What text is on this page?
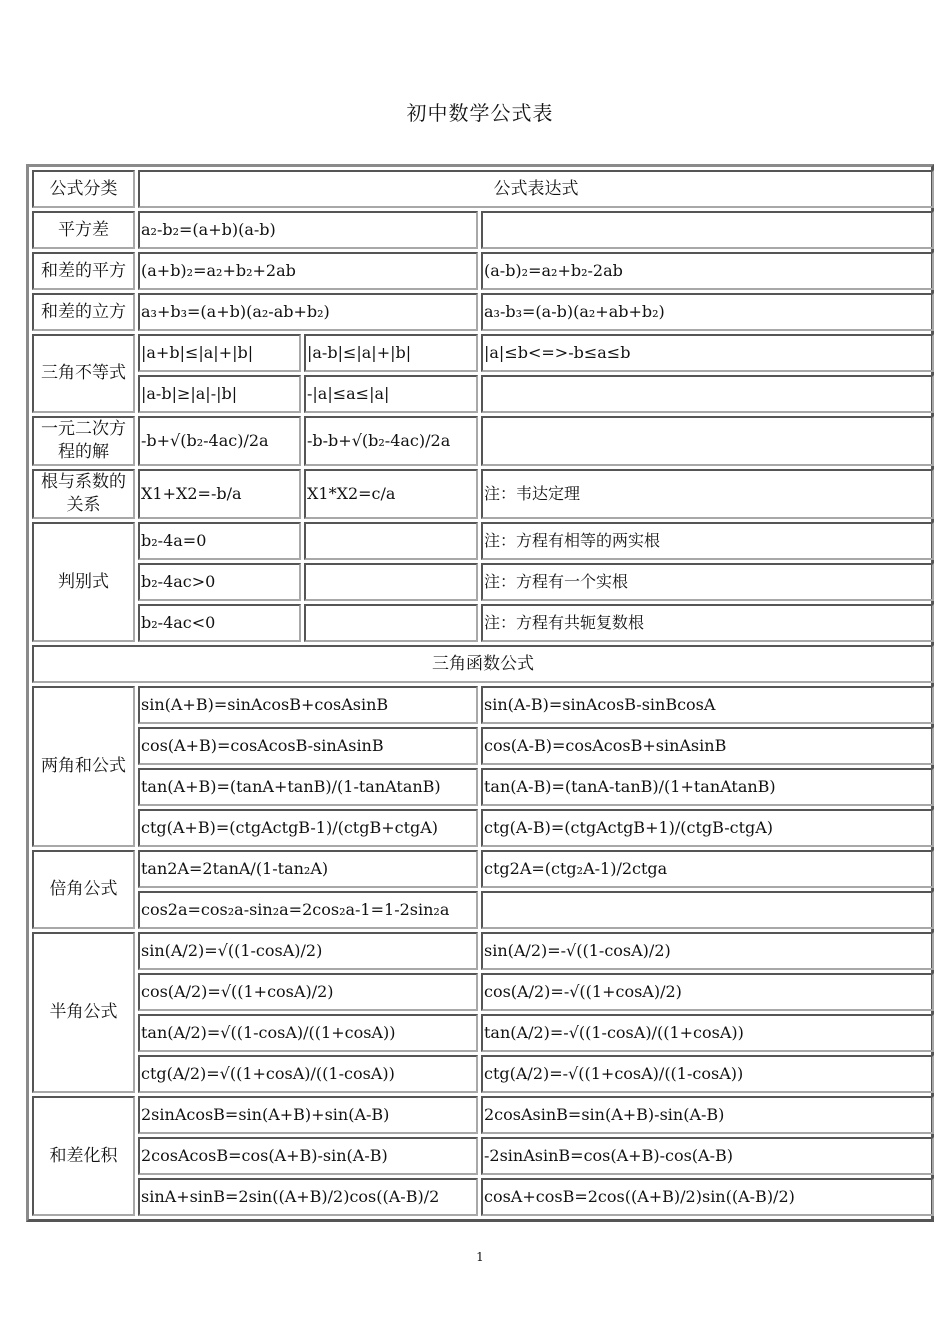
初中数学公式表
公式分类	公式表达式		
平方差	a₂-b₂=(a+b)(a-b)		
和差的平方	(a+b)₂=a₂+b₂+2ab		(a-b)₂=a₂+b₂-2ab
和差的立方	a₃+b₃=(a+b)(a₂-ab+b₂)		a₃-b₃=(a-b)(a₂+ab+b₂)
三角不等式	|a+b|≤|a|+|b|	|a-b|≤|a|+|b|	|a|≤b<=>-b≤a≤b
	|a-b|≥|a|-|b|	-|a|≤a≤|a|	
一元二次方程的解	-b+√(b₂-4ac)/2a	-b-b+√(b₂-4ac)/2a	
根与系数的关系	X1+X2=-b/a	X1*X2=c/a	注：韦达定理
判别式	b₂-4a=0		注：方程有相等的两实根
	b₂-4ac>0		注：方程有一个实根
	b₂-4ac<0		注：方程有共轭复数根
三角函数公式			
两角和公式	sin(A+B)=sinAcosB+cosAsinB		sin(A-B)=sinAcosB-sinBcosA
	cos(A+B)=cosAcosB-sinAsinB		cos(A-B)=cosAcosB+sinAsinB
	tan(A+B)=(tanA+tanB)/(1-tanAtanB)		tan(A-B)=(tanA-tanB)/(1+tanAtanB)
	ctg(A+B)=(ctgActgB-1)/(ctgB+ctgA)		ctg(A-B)=(ctgActgB+1)/(ctgB-ctgA)
倍角公式	tan2A=2tanA/(1-tan₂A)		ctg2A=(ctg₂A-1)/2ctga
	cos2a=cos₂a-sin₂a=2cos₂a-1=1-2sin₂a		
半角公式	sin(A/2)=√((1-cosA)/2)		sin(A/2)=-√((1-cosA)/2)
	cos(A/2)=√((1+cosA)/2)		cos(A/2)=-√((1+cosA)/2)
	tan(A/2)=√((1-cosA)/((1+cosA))		tan(A/2)=-√((1-cosA)/((1+cosA))
	ctg(A/2)=√((1+cosA)/((1-cosA))		ctg(A/2)=-√((1+cosA)/((1-cosA))
和差化积	2sinAcosB=sin(A+B)+sin(A-B)		2cosAsinB=sin(A+B)-sin(A-B)
	2cosAcosB=cos(A+B)-sin(A-B)		-2sinAsinB=cos(A+B)-cos(A-B)
	sinA+sinB=2sin((A+B)/2)cos((A-B)/2		cosA+cosB=2cos((A+B)/2)sin((A-B)/2)
1
